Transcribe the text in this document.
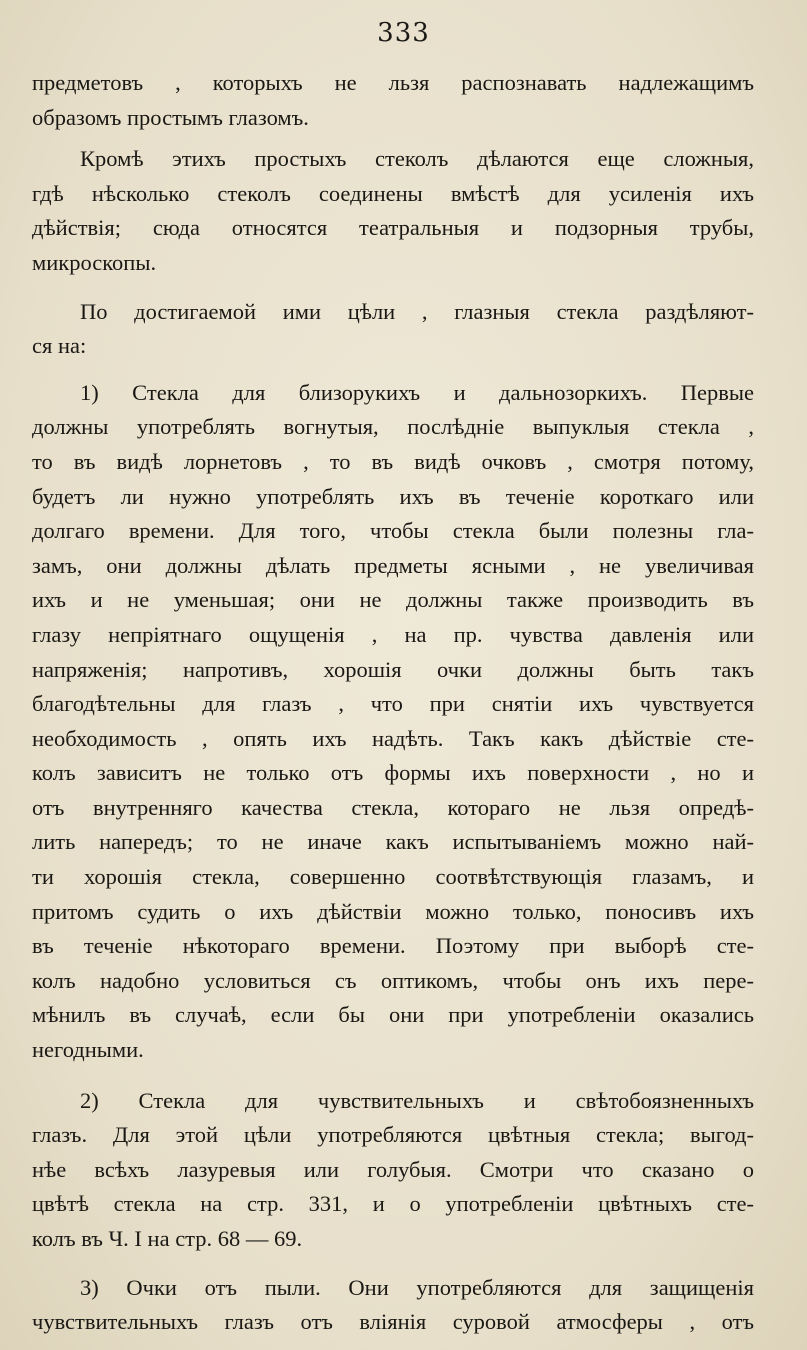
333
предметовъ , которыхъ не льзя распознавать надлежащимъ
образомъ простымъ глазомъ.
Кромѣ этихъ простыхъ стеколъ дѣлаются еще сложныя,
гдѣ нѣсколько стеколъ соединены вмѣстѣ для усиленія ихъ
дѣйствія; сюда относятся театральныя и подзорныя трубы,
микроскопы.
По достигаемой ими цѣли , глазныя стекла раздѣляют-
ся на:
1) Стекла для близорукихъ и дальнозоркихъ. Первые
должны употреблять вогнутыя, послѣдніе выпуклыя стекла ,
то въ видѣ лорнетовъ , то въ видѣ очковъ , смотря потому,
будетъ ли нужно употреблять ихъ въ теченіе короткаго или
долгаго времени. Для того, чтобы стекла были полезны гла-
замъ, они должны дѣлать предметы ясными , не увеличивая
ихъ и не уменьшая; они не должны также производить въ
глазу непріятнаго ощущенія , на пр. чувства давленія или
напряженія; напротивъ, хорошія очки должны быть такъ
благодѣтельны для глазъ , что при снятіи ихъ чувствуется
необходимость , опять ихъ надѣть. Такъ какъ дѣйствіе сте-
колъ зависитъ не только отъ формы ихъ поверхности , но и
отъ внутренняго качества стекла, котораго не льзя опредѣ-
лить напередъ; то не иначе какъ испытываніемъ можно най-
ти хорошія стекла, совершенно соотвѣтствующія глазамъ, и
притомъ судить о ихъ дѣйствіи можно только, поносивъ ихъ
въ теченіе нѣкотораго времени. Поэтому при выборѣ сте-
колъ надобно условиться съ оптикомъ, чтобы онъ ихъ пере-
мѣнилъ въ случаѣ, если бы они при употребленіи оказались
негодными.
2) Стекла для чувствительныхъ и свѣтобоязненныхъ
глазъ. Для этой цѣли употребляются цвѣтныя стекла; выгод-
нѣе всѣхъ лазуревыя или голубыя. Смотри что сказано о
цвѣтѣ стекла на стр. 331, и о употребленіи цвѣтныхъ сте-
колъ въ Ч. I на стр. 68 — 69.
3) Очки отъ пыли. Они употребляются для защищенія
чувствительныхъ глазъ отъ вліянія суровой атмосферы , отъ
